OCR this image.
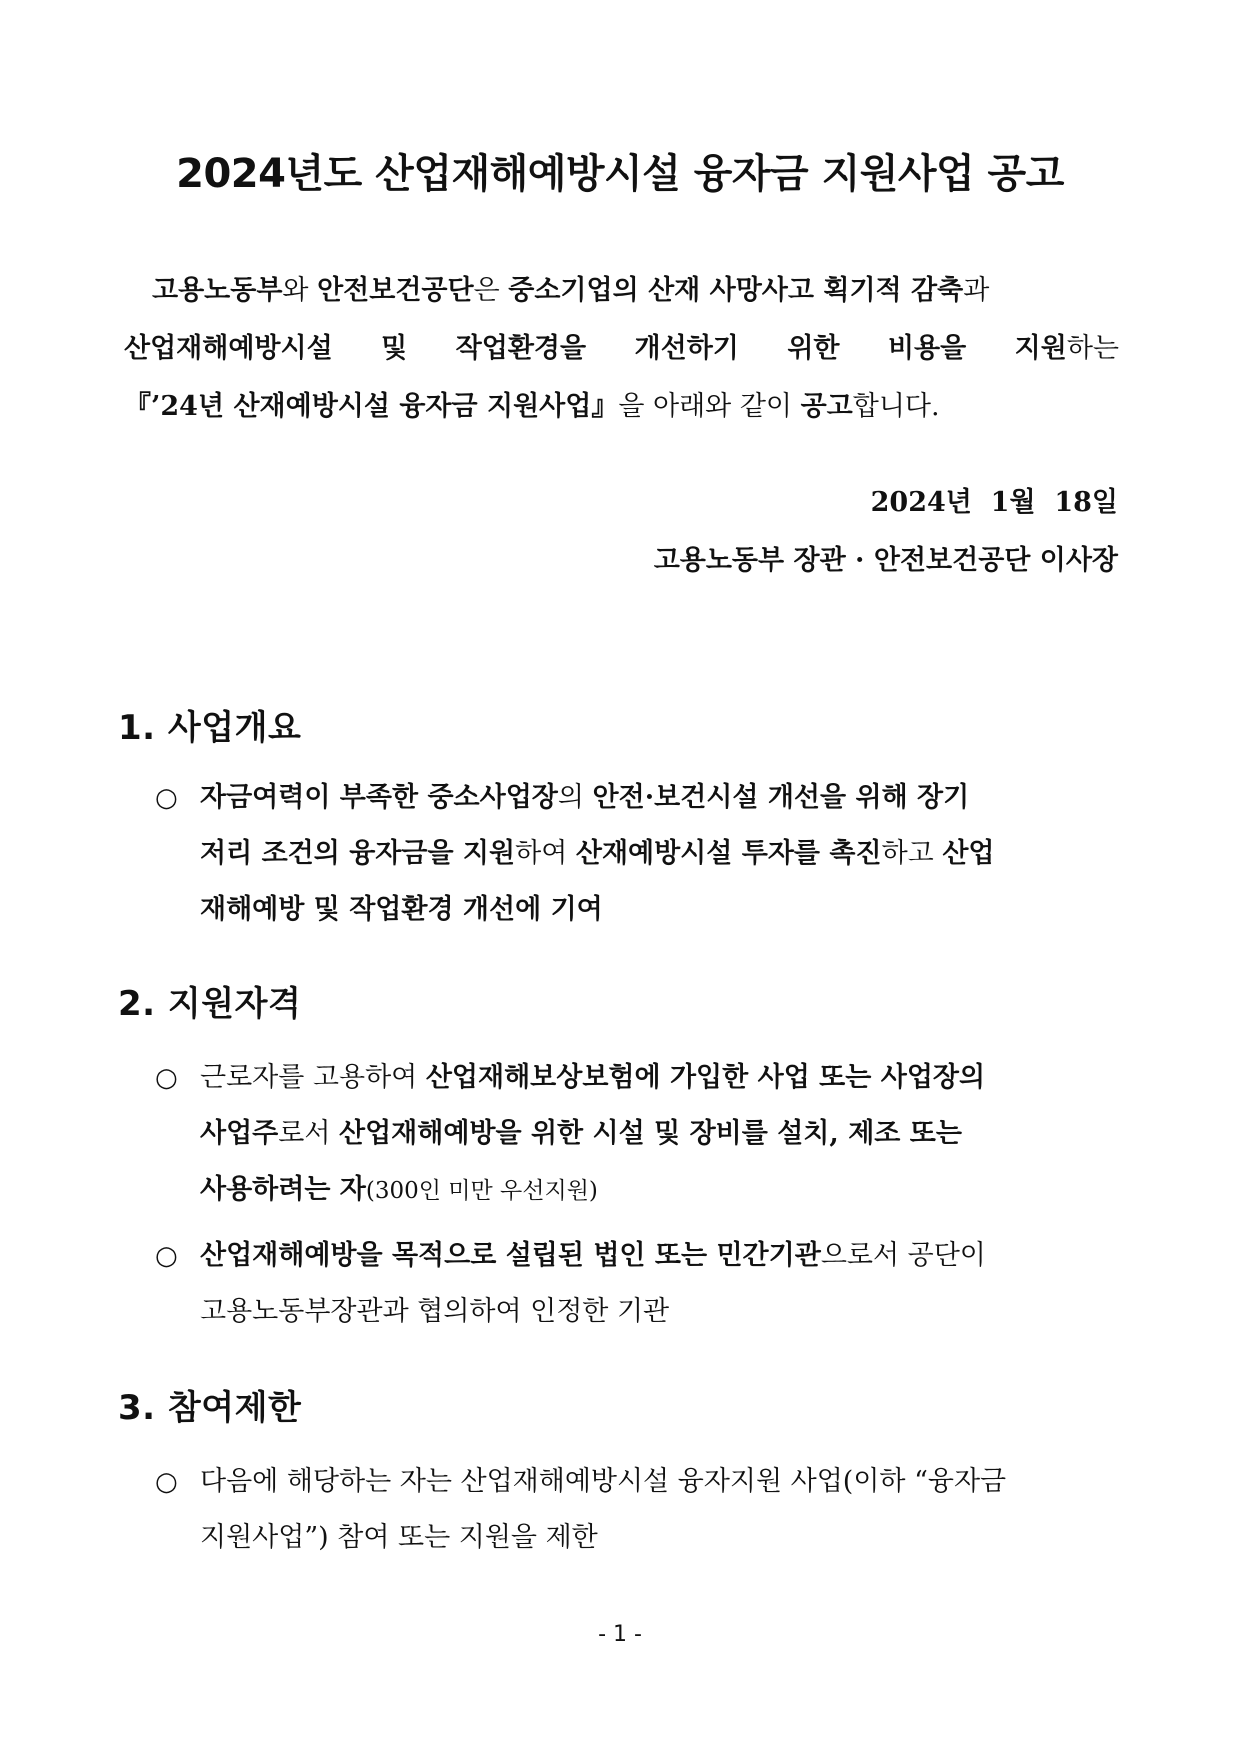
2024년도 산업재해예방시설 융자금 지원사업 공고
고용노동부와 안전보건공단은 중소기업의 산재 사망사고 획기적 감축과
산업재해예방시설 및 작업환경을 개선하기 위한 비용을 지원하는
『’24년 산재예방시설 융자금 지원사업』을 아래와 같이 공고합니다.
2024년  1월  18일
고용노동부 장관 · 안전보건공단 이사장
1. 사업개요
○ 자금여력이 부족한 중소사업장의 안전·보건시설 개선을 위해 장기
저리 조건의 융자금을 지원하여 산재예방시설 투자를 촉진하고 산업
재해예방 및 작업환경 개선에 기여
2. 지원자격
○ 근로자를 고용하여 산업재해보상보험에 가입한 사업 또는 사업장의
사업주로서 산업재해예방을 위한 시설 및 장비를 설치, 제조 또는
사용하려는 자(300인 미만 우선지원)
○ 산업재해예방을 목적으로 설립된 법인 또는 민간기관으로서 공단이
고용노동부장관과 협의하여 인정한 기관
3. 참여제한
○ 다음에 해당하는 자는 산업재해예방시설 융자지원 사업(이하 “융자금
지원사업”) 참여 또는 지원을 제한
- 1 -
